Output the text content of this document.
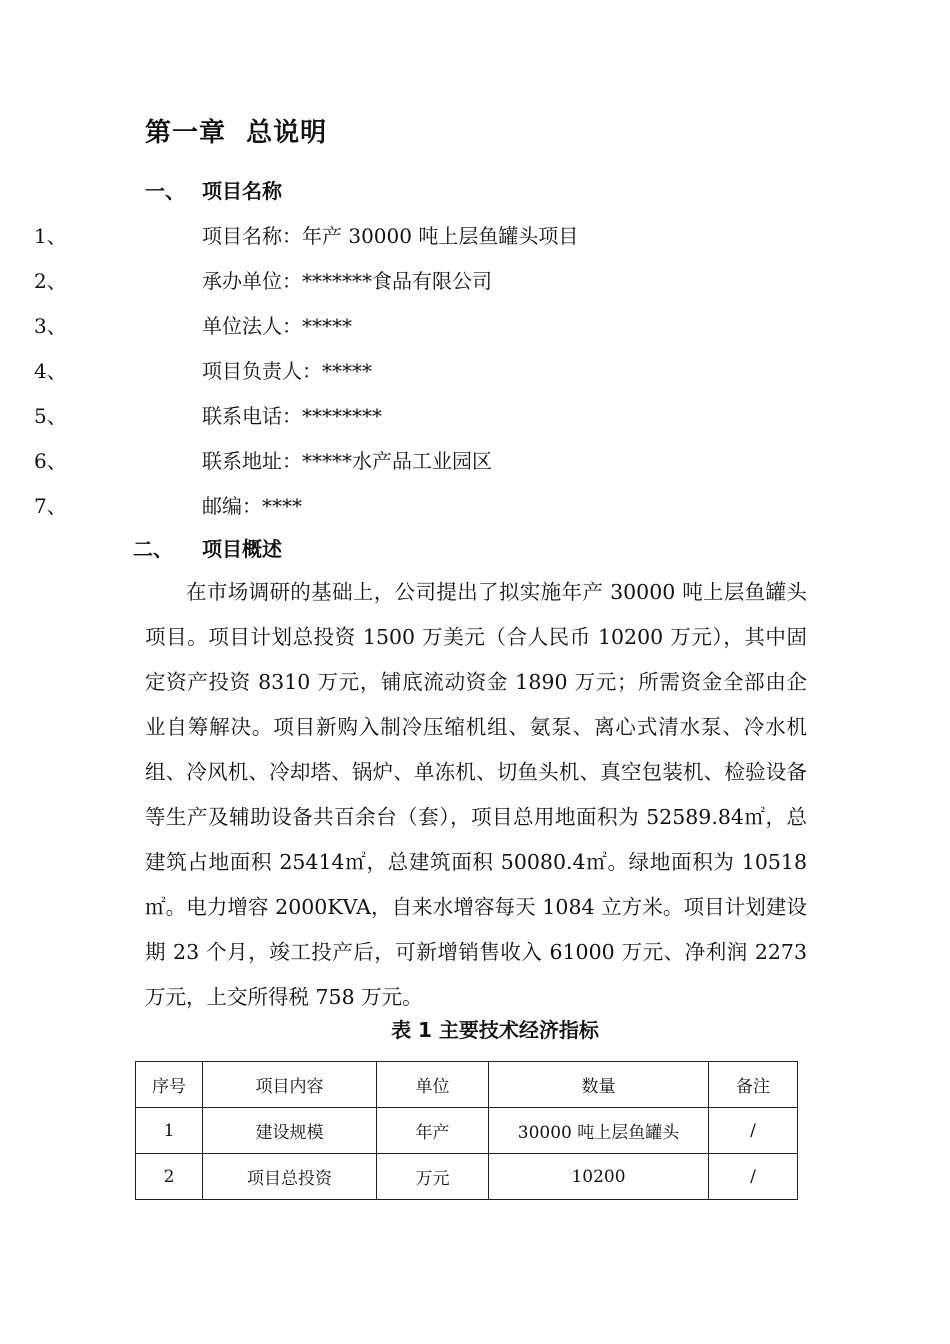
第一章  总说明
一、 项目名称
1、	项目名称：年产 30000 吨上层鱼罐头项目
2、	承办单位：*******食品有限公司
3、	单位法人：*****
4、	项目负责人：*****
5、	联系电话：********
6、	联系地址：*****水产品工业园区
7、	邮编：****
二、 项目概述
在市场调研的基础上，公司提出了拟实施年产 30000 吨上层鱼罐头项目。项目计划总投资 1500 万美元（合人民币 10200 万元），其中固定资产投资 8310 万元，铺底流动资金 1890 万元；所需资金全部由企业自筹解决。项目新购入制冷压缩机组、氨泵、离心式清水泵、冷水机组、冷风机、冷却塔、锅炉、单冻机、切鱼头机、真空包装机、检验设备等生产及辅助设备共百余台（套），项目总用地面积为 52589.84㎡，总建筑占地面积 25414㎡，总建筑面积 50080.4㎡。绿地面积为 10518㎡。电力增容 2000KVA，自来水增容每天 1084 立方米。项目计划建设期 23 个月，竣工投产后，可新增销售收入 61000 万元、净利润 2273 万元，上交所得税 758 万元。
表 1 主要技术经济指标
序号	项目内容	单位	数量	备注
1	建设规模	年产	30000 吨上层鱼罐头	/
2	项目总投资	万元	10200	/
